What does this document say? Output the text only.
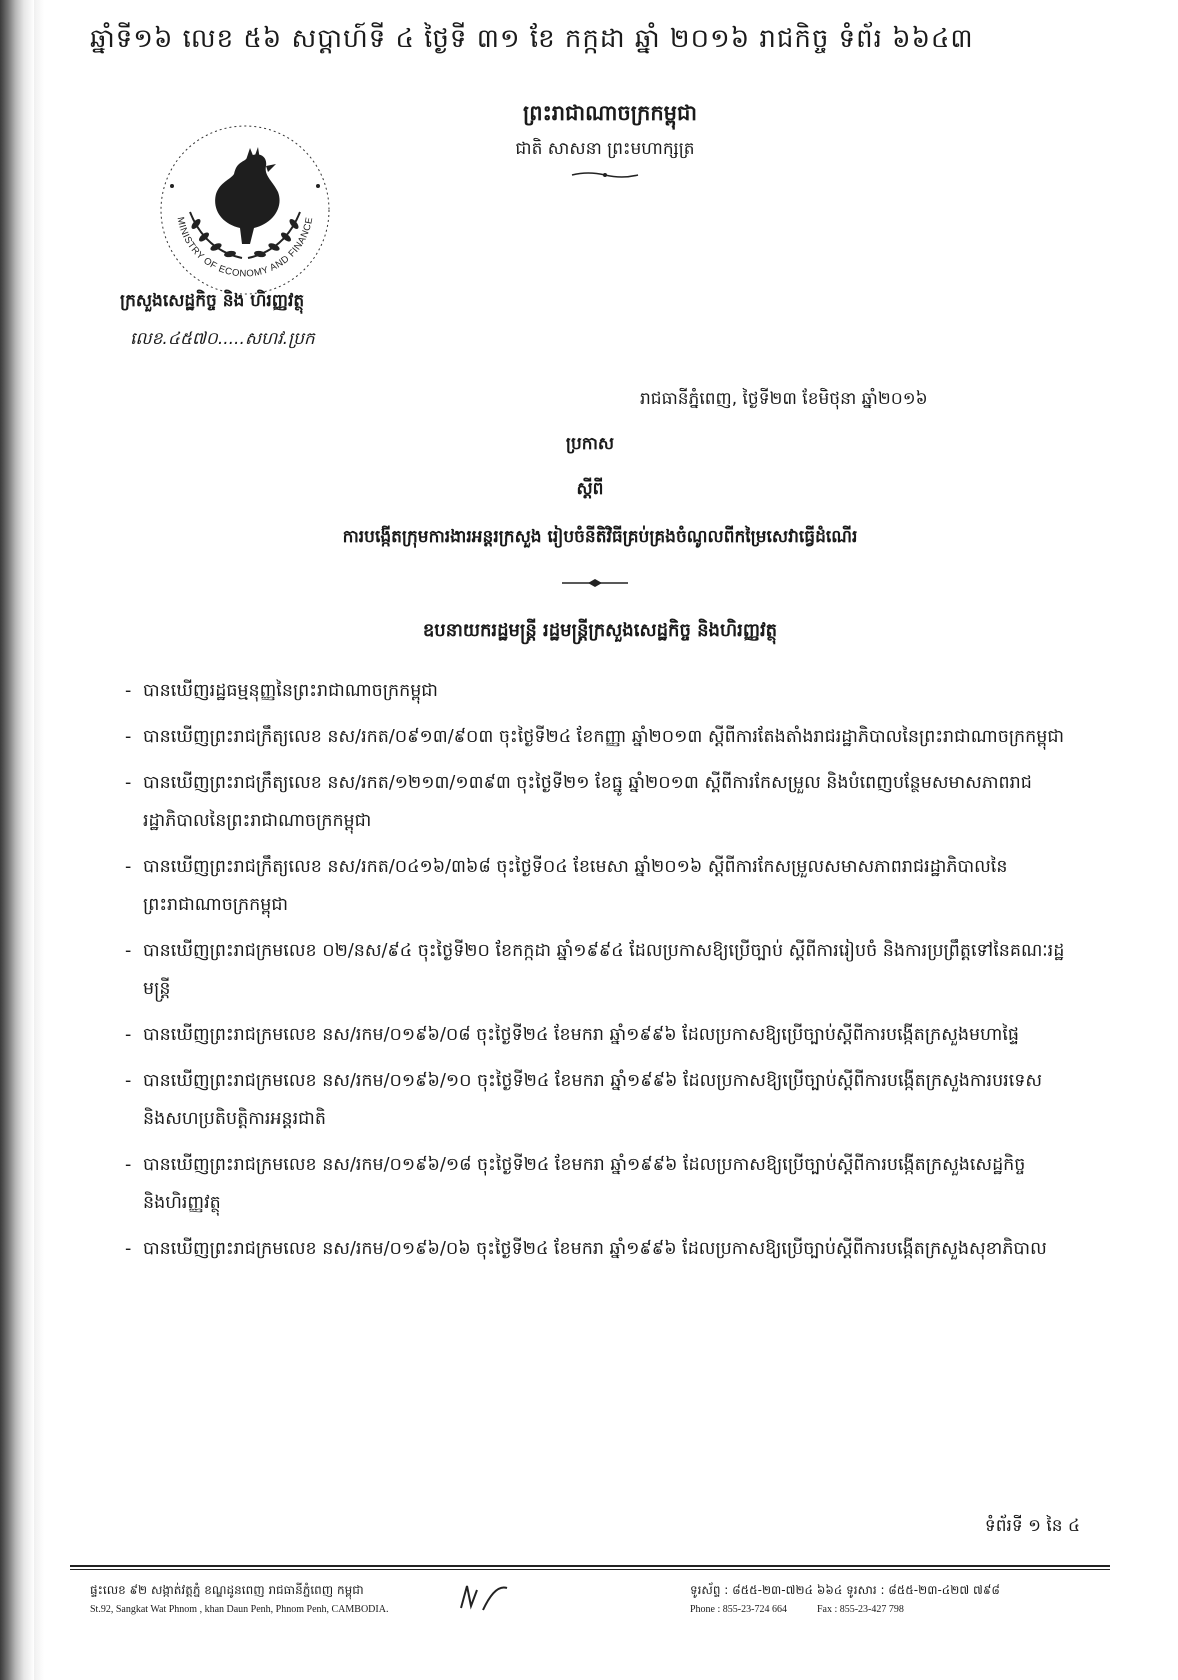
ឆ្នាំទី១៦ លេខ ៥៦ សប្តាហ៍ទី ៤ ថ្ងៃទី ៣១ ខែ កក្កដា ឆ្នាំ ២០១៦ រាជកិច្ច ទំព័រ ៦៦៤៣
ព្រះរាជាណាចក្រកម្ពុជា
ជាតិ សាសនា ព្រះមហាក្សត្រ
MINISTRY OF ECONOMY AND FINANCE
ក្រសួងសេដ្ឋកិច្ច និង ហិរញ្ញវត្ថុ
លេខ.៤៥៧០.....សហវ.ប្រក
រាជធានីភ្នំពេញ, ថ្ងៃទី២៣ ខែមិថុនា ឆ្នាំ២០១៦
ប្រកាស
ស្តីពី
ការបង្កើតក្រុមការងារអន្តរក្រសួង រៀបចំនីតិវិធីគ្រប់គ្រងចំណូលពីកម្រៃសេវាធ្វើដំណើរ
ឧបនាយករដ្ឋមន្ត្រី រដ្ឋមន្ត្រីក្រសួងសេដ្ឋកិច្ច និងហិរញ្ញវត្ថុ
- បានឃើញរដ្ឋធម្មនុញ្ញនៃព្រះរាជាណាចក្រកម្ពុជា
- បានឃើញព្រះរាជក្រឹត្យលេខ នស/រកត/០៩១៣/៩០៣ ចុះថ្ងៃទី២៤ ខែកញ្ញា ឆ្នាំ២០១៣ ស្តីពីការតែងតាំងរាជរដ្ឋាភិបាលនៃព្រះរាជាណាចក្រកម្ពុជា
- បានឃើញព្រះរាជក្រឹត្យលេខ នស/រកត/១២១៣/១៣៩៣ ចុះថ្ងៃទី២១ ខែធ្នូ ឆ្នាំ២០១៣ ស្តីពីការកែសម្រួល និងបំពេញបន្ថែមសមាសភាពរាជរដ្ឋាភិបាលនៃព្រះរាជាណាចក្រកម្ពុជា
- បានឃើញព្រះរាជក្រឹត្យលេខ នស/រកត/០៤១៦/៣៦៨ ចុះថ្ងៃទី០៤ ខែមេសា ឆ្នាំ២០១៦ ស្តីពីការកែសម្រួលសមាសភាពរាជរដ្ឋាភិបាលនៃព្រះរាជាណាចក្រកម្ពុជា
- បានឃើញព្រះរាជក្រមលេខ ០២/នស/៩៤ ចុះថ្ងៃទី២០ ខែកក្កដា ឆ្នាំ១៩៩៤ ដែលប្រកាសឱ្យប្រើច្បាប់ ស្តីពីការរៀបចំ និងការប្រព្រឹត្តទៅនៃគណៈរដ្ឋមន្ត្រី
- បានឃើញព្រះរាជក្រមលេខ នស/រកម/០១៩៦/០៨ ចុះថ្ងៃទី២៤ ខែមករា ឆ្នាំ១៩៩៦ ដែលប្រកាសឱ្យប្រើច្បាប់ស្តីពីការបង្កើតក្រសួងមហាផ្ទៃ
- បានឃើញព្រះរាជក្រមលេខ នស/រកម/០១៩៦/១០ ចុះថ្ងៃទី២៤ ខែមករា ឆ្នាំ១៩៩៦ ដែលប្រកាសឱ្យប្រើច្បាប់ស្តីពីការបង្កើតក្រសួងការបរទេស និងសហប្រតិបត្តិការអន្តរជាតិ
- បានឃើញព្រះរាជក្រមលេខ នស/រកម/០១៩៦/១៨ ចុះថ្ងៃទី២៤ ខែមករា ឆ្នាំ១៩៩៦ ដែលប្រកាសឱ្យប្រើច្បាប់ស្តីពីការបង្កើតក្រសួងសេដ្ឋកិច្ច និងហិរញ្ញវត្ថុ
- បានឃើញព្រះរាជក្រមលេខ នស/រកម/០១៩៦/០៦ ចុះថ្ងៃទី២៤ ខែមករា ឆ្នាំ១៩៩៦ ដែលប្រកាសឱ្យប្រើច្បាប់ស្តីពីការបង្កើតក្រសួងសុខាភិបាល
ទំព័រទី ១ នៃ ៤
ផ្ទះលេខ ៩២ សង្កាត់វត្តភ្នំ ខណ្ឌដូនពេញ រាជធានីភ្នំពេញ កម្ពុជា
St.92, Sangkat Wat Phnom , khan Daun Penh, Phnom Penh, CAMBODIA.
ទូរស័ព្ទ : ៨៥៥-២៣-៧២៤ ៦៦៤ ទូរសារ : ៨៥៥-២៣-៤២៧ ៧៩៨
Phone : 855-23-724 664	Fax : 855-23-427 798
